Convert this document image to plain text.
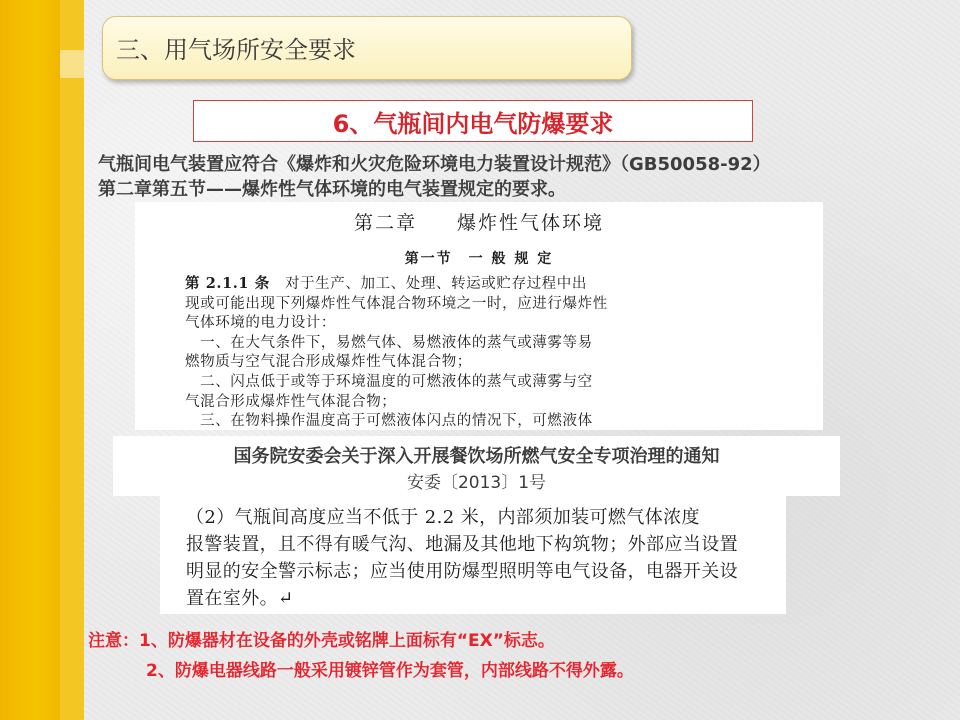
三、用气场所安全要求
6、气瓶间内电气防爆要求
气瓶间电气装置应符合《爆炸和火灾危险环境电力装置设计规范》（GB50058-92）
第二章第五节——爆炸性气体环境的电气装置规定的要求。
第二章 爆炸性气体环境
第一节　一 般 规 定
第 2.1.1 条　 对于生产、加工、处理、转运或贮存过程中出
现或可能出现下列爆炸性气体混合物环境之一时，应进行爆炸性
气体环境的电力设计：
　一、在大气条件下，易燃气体、易燃液体的蒸气或薄雾等易
燃物质与空气混合形成爆炸性气体混合物；
　二、闪点低于或等于环境温度的可燃液体的蒸气或薄雾与空
气混合形成爆炸性气体混合物；
　三、在物料操作温度高于可燃液体闪点的情况下，可燃液体
国务院安委会关于深入开展餐饮场所燃气安全专项治理的通知
安委〔2013〕1号
（2）气瓶间高度应当不低于 2.2 米，内部须加装可燃气体浓度
报警装置，且不得有暖气沟、地漏及其他地下构筑物；外部应当设置
明显的安全警示标志；应当使用防爆型照明等电气设备，电器开关设
置在室外。↵
注意：1、防爆器材在设备的外壳或铭牌上面标有“EX”标志。
2、防爆电器线路一般采用镀锌管作为套管，内部线路不得外露。
